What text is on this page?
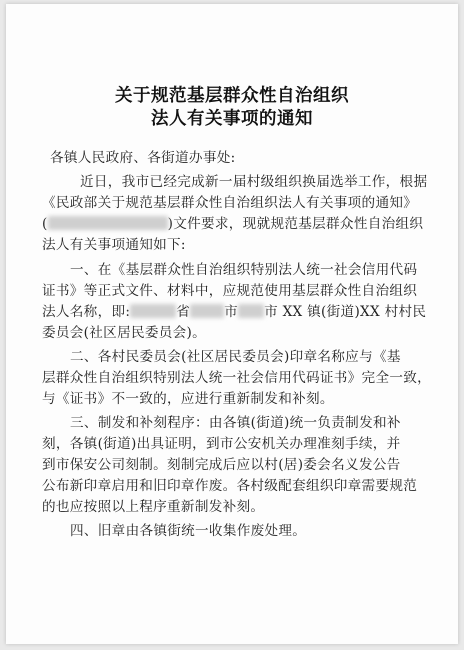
关于规范基层群众性自治组织
法人有关事项的通知
各镇人民政府、各街道办事处:
近日，我市已经完成新一届村级组织换届选举工作，根据
《民政部关于规范基层群众性自治组织法人有关事项的通知》
(	)文件要求，现就规范基层群众性自治组织
法人有关事项通知如下:
一、在《基层群众性自治组织特别法人统一社会信用代码
证书》等正式文件、材料中，应规范使用基层群众性自治组织
法人名称，即:	省	市 市 XX 镇(街道)XX 村村民
委员会(社区居民委员会)。
二、各村民委员会(社区居民委员会)印章名称应与《基
层群众性自治组织特别法人统一社会信用代码证书》完全一致，
与《证书》不一致的，应进行重新制发和补刻。
三、制发和补刻程序：由各镇(街道)统一负责制发和补
刻，各镇(街道)出具证明，到市公安机关办理准刻手续，并
到市保安公司刻制。刻制完成后应以村(居)委会名义发公告
公布新印章启用和旧印章作废。各村级配套组织印章需要规范
的也应按照以上程序重新制发补刻。
四、旧章由各镇街统一收集作废处理。
